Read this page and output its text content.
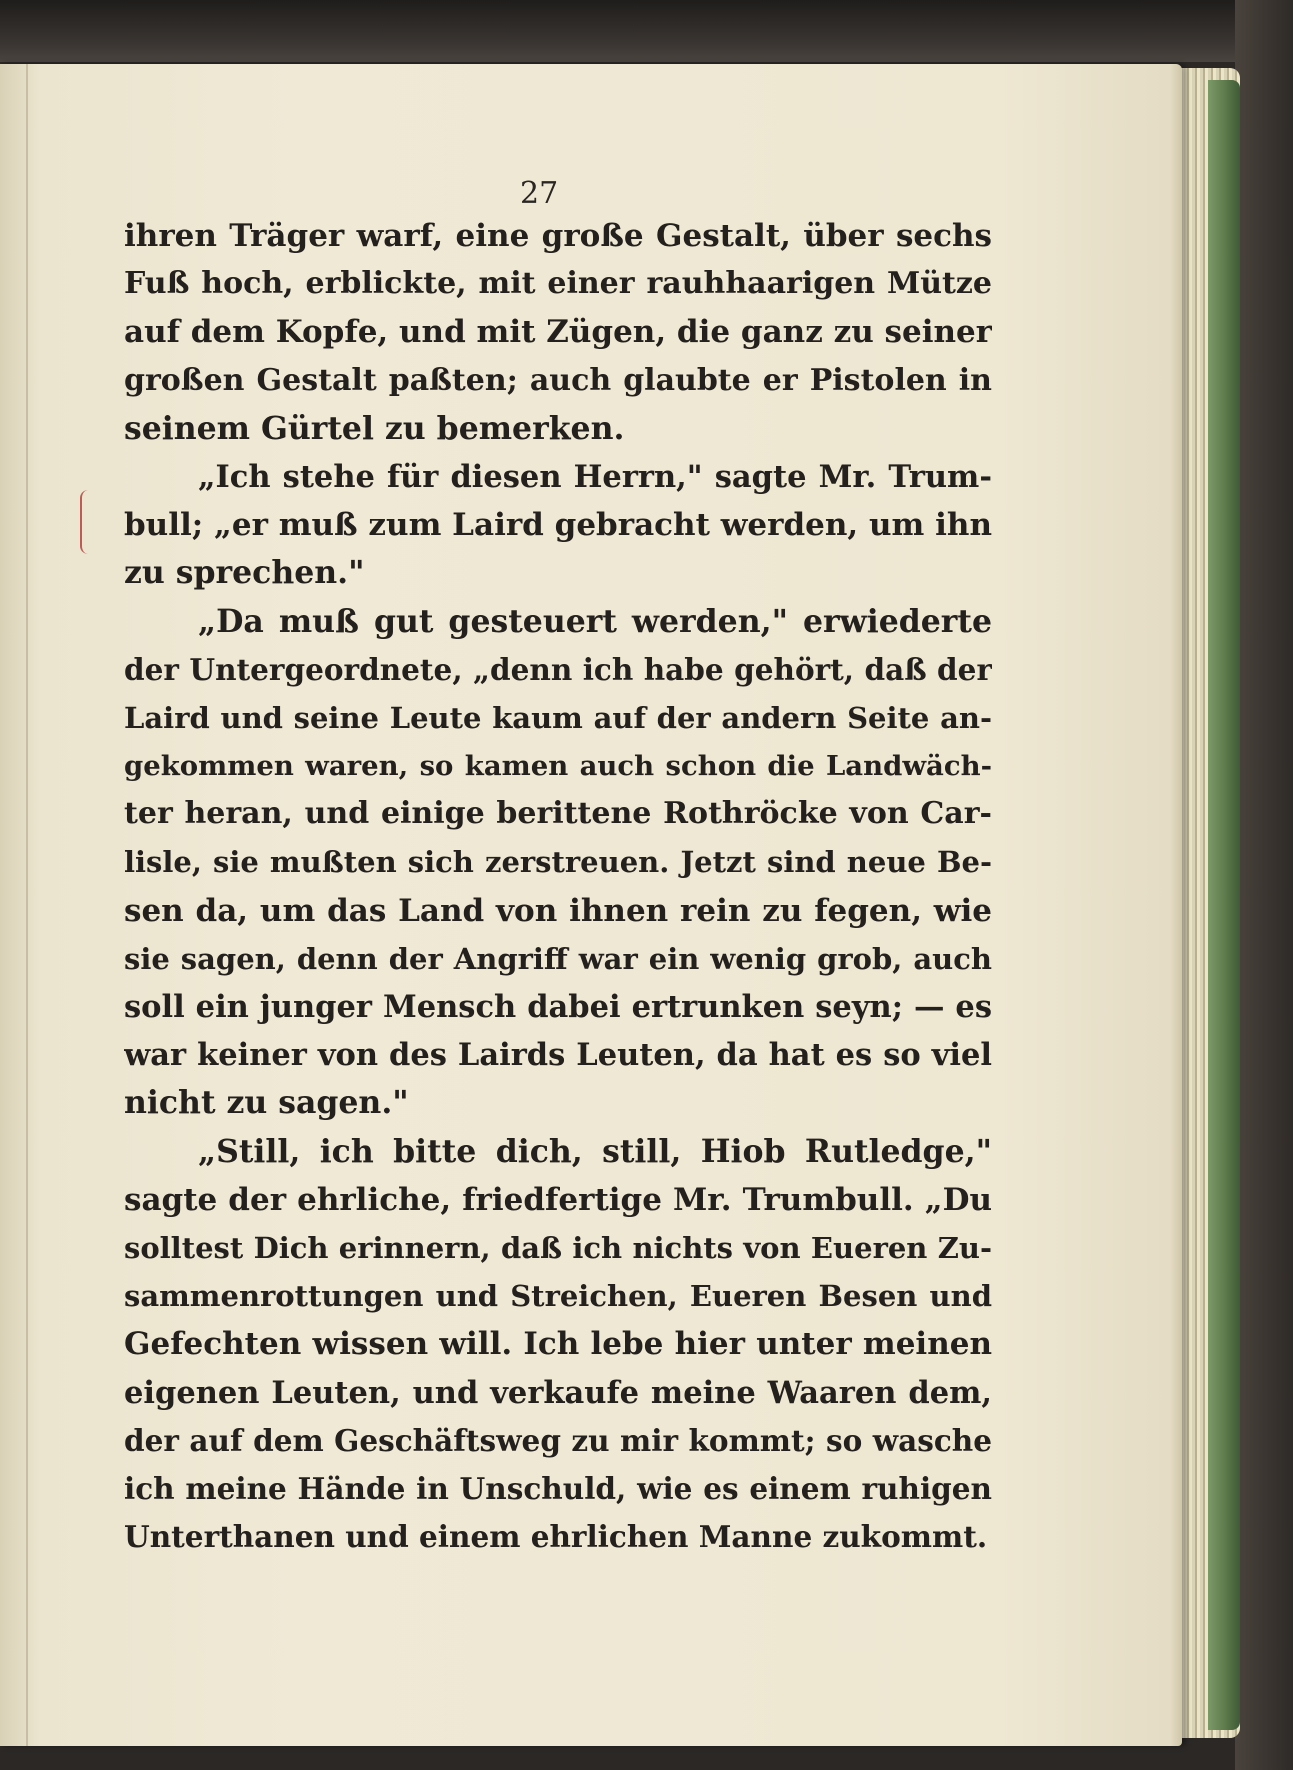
27
ihren Träger warf, eine große Gestalt, über sechs
Fuß hoch, erblickte, mit einer rauhhaarigen Mütze
auf dem Kopfe, und mit Zügen, die ganz zu seiner
großen Gestalt paßten; auch glaubte er Pistolen in
seinem Gürtel zu bemerken.
„Ich stehe für diesen Herrn," sagte Mr. Trum-
bull; „er muß zum Laird gebracht werden, um ihn
zu sprechen."
„Da muß gut gesteuert werden," erwiederte
der Untergeordnete, „denn ich habe gehört, daß der
Laird und seine Leute kaum auf der andern Seite an-
gekommen waren, so kamen auch schon die Landwäch-
ter heran, und einige berittene Rothröcke von Car-
lisle, sie mußten sich zerstreuen. Jetzt sind neue Be-
sen da, um das Land von ihnen rein zu fegen, wie
sie sagen, denn der Angriff war ein wenig grob, auch
soll ein junger Mensch dabei ertrunken seyn; — es
war keiner von des Lairds Leuten, da hat es so viel
nicht zu sagen."
„Still, ich bitte dich, still, Hiob Rutledge,"
sagte der ehrliche, friedfertige Mr. Trumbull. „Du
solltest Dich erinnern, daß ich nichts von Eueren Zu-
sammenrottungen und Streichen, Eueren Besen und
Gefechten wissen will. Ich lebe hier unter meinen
eigenen Leuten, und verkaufe meine Waaren dem,
der auf dem Geschäftsweg zu mir kommt; so wasche
ich meine Hände in Unschuld, wie es einem ruhigen
Unterthanen und einem ehrlichen Manne zukommt.
